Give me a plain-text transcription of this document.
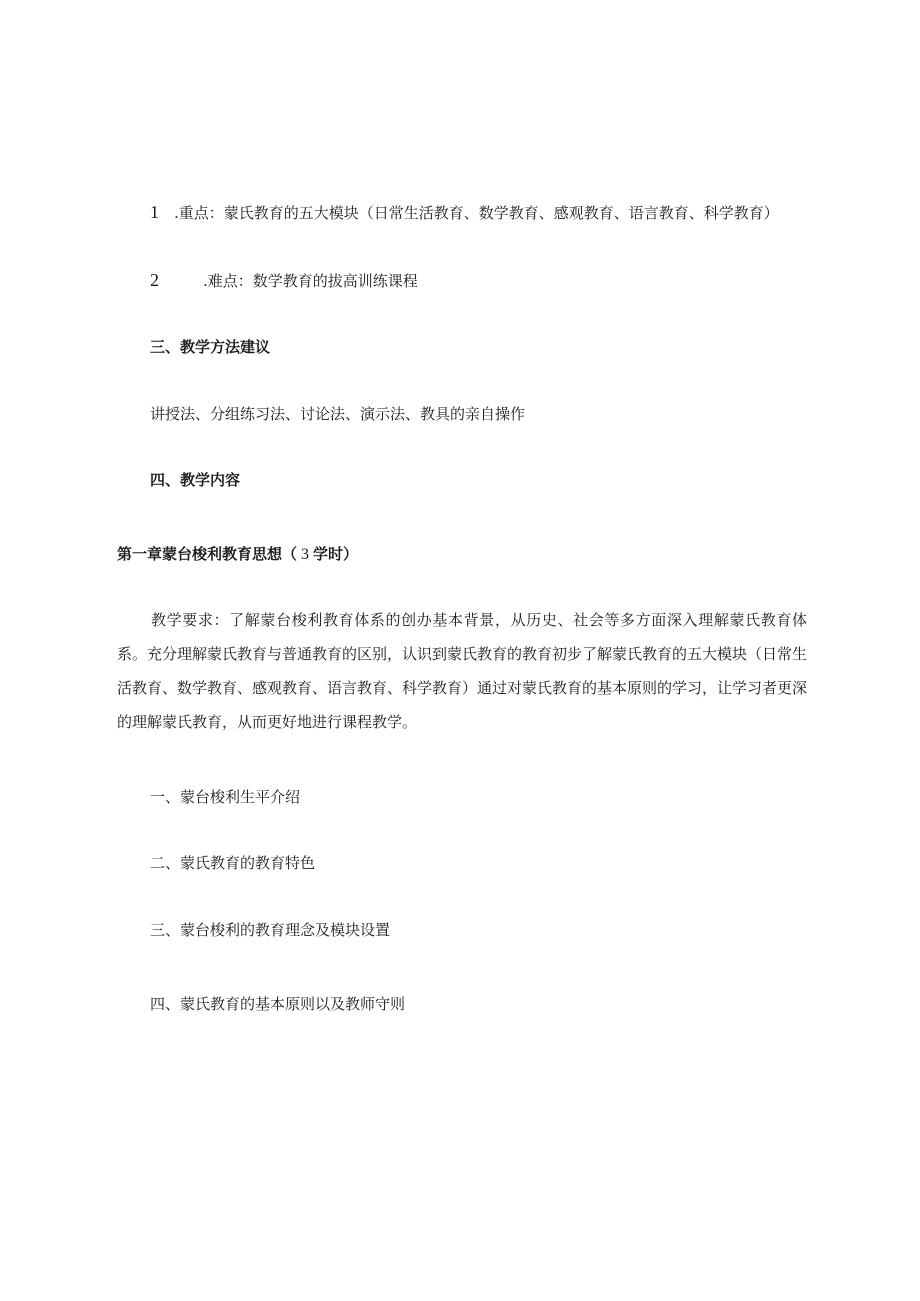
1 .重点：蒙氏教育的五大模块（日常生活教育、数学教育、感观教育、语言教育、科学教育）
2	.难点：数学教育的拔高训练课程
三、教学方法建议
讲授法、分组练习法、讨论法、演示法、教具的亲自操作
四、教学内容
第一章蒙台梭利教育思想（ 3 学时）
教学要求：了解蒙台梭利教育体系的创办基本背景，从历史、社会等多方面深入理解蒙氏教育体系。充分理解蒙氏教育与普通教育的区别，认识到蒙氏教育的教育初步了解蒙氏教育的五大模块（日常生活教育、数学教育、感观教育、语言教育、科学教育）通过对蒙氏教育的基本原则的学习，让学习者更深的理解蒙氏教育，从而更好地进行课程教学。
一、蒙台梭利生平介绍
二、蒙氏教育的教育特色
三、蒙台梭利的教育理念及模块设置
四、蒙氏教育的基本原则以及教师守则
